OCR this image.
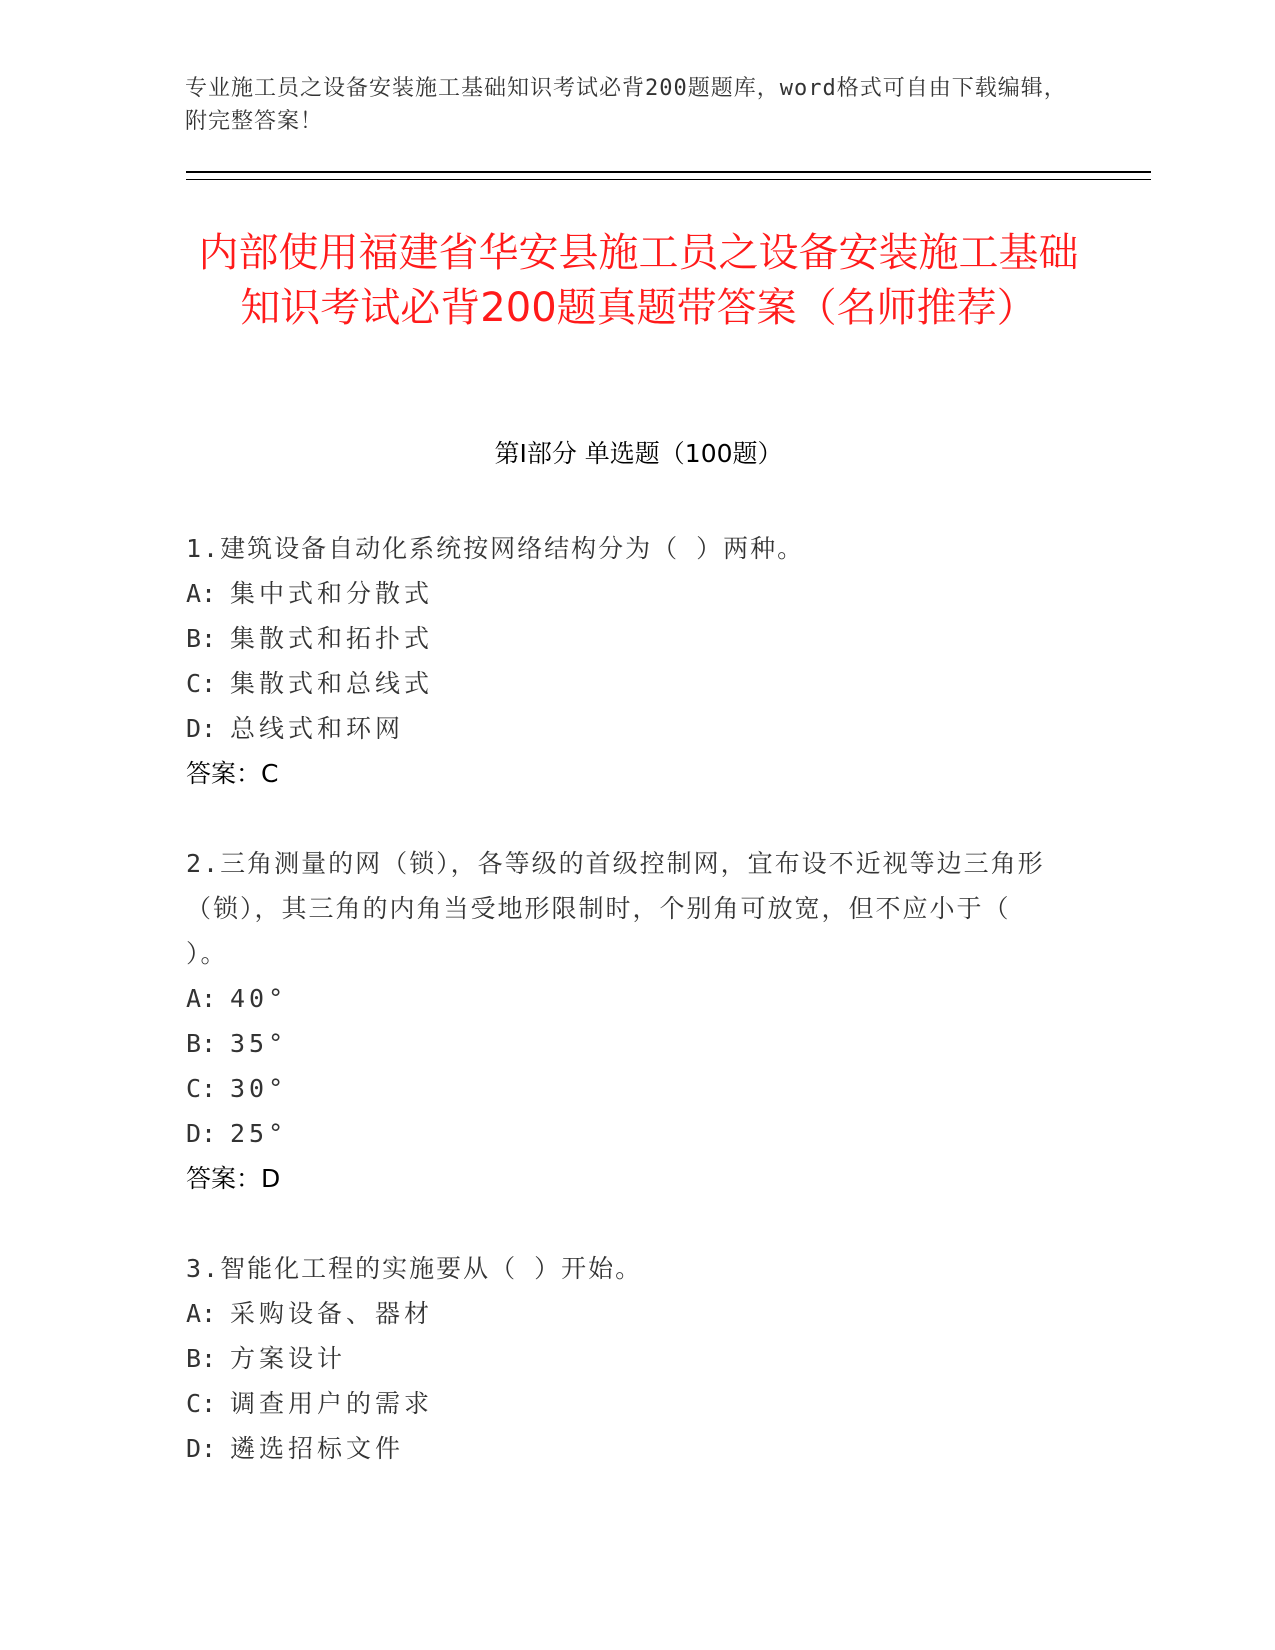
专业施工员之设备安装施工基础知识考试必背200题题库，word格式可自由下载编辑，附完整答案！
内部使用福建省华安县施工员之设备安装施工基础知识考试必背200题真题带答案（名师推荐）
第I部分 单选题（100题）
1.建筑设备自动化系统按网络结构分为（ ）两种。
A: 集中式和分散式
B: 集散式和拓扑式
C: 集散式和总线式
D: 总线式和环网
答案：C
2.三角测量的网（锁），各等级的首级控制网，宜布设不近视等边三角形（锁），其三角的内角当受地形限制时，个别角可放宽，但不应小于（ ）。
A: 40°
B: 35°
C: 30°
D: 25°
答案：D
3.智能化工程的实施要从（ ）开始。
A: 采购设备、器材
B: 方案设计
C: 调查用户的需求
D: 遴选招标文件
